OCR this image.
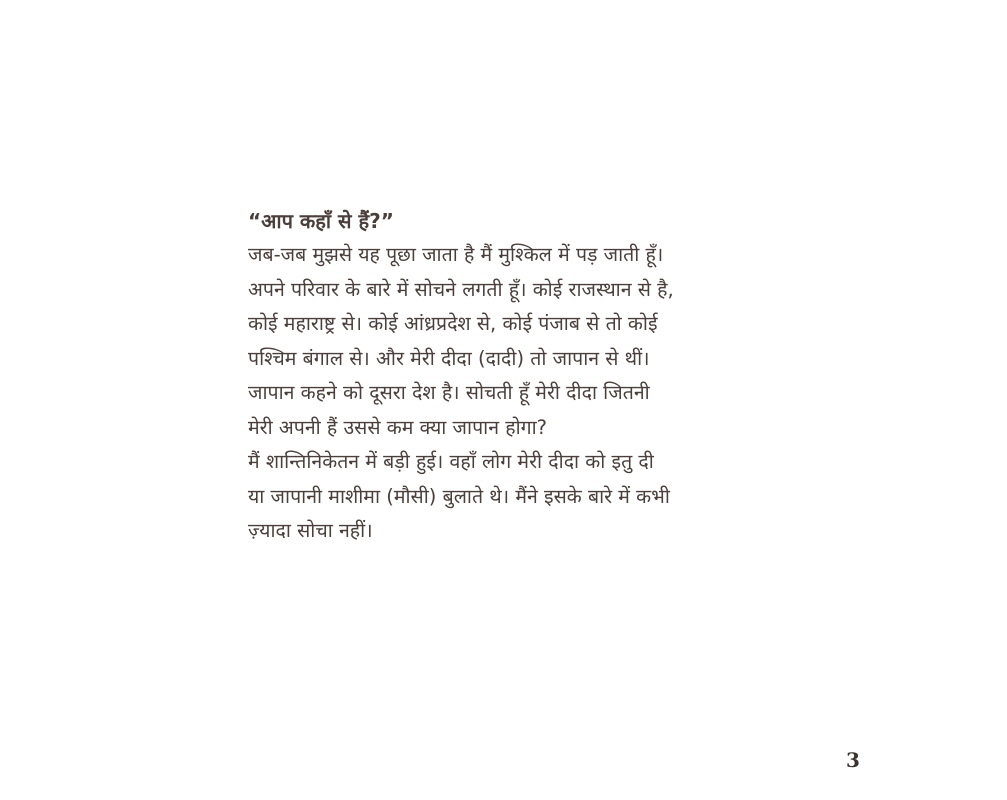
“आप कहाँ से हैं?”

जब-जब मुझसे यह पूछा जाता है मैं मुश्किल में पड़ जाती हूँ।

अपने परिवार के बारे में सोचने लगती हूँ। कोई राजस्थान से है,

कोई महाराष्ट्र से। कोई आंध्रप्रदेश से, कोई पंजाब से तो कोई

पश्चिम बंगाल से। और मेरी दीदा (दादी) तो जापान से थीं।

जापान कहने को दूसरा देश है। सोचती हूँ मेरी दीदा जितनी

मेरी अपनी हैं उससे कम क्या जापान होगा?

मैं शान्तिनिकेतन में बड़ी हुई। वहाँ लोग मेरी दीदा को इतु दी

या जापानी माशीमा (मौसी) बुलाते थे। मैंने इसके बारे में कभी

ज़्यादा सोचा नहीं।

3
